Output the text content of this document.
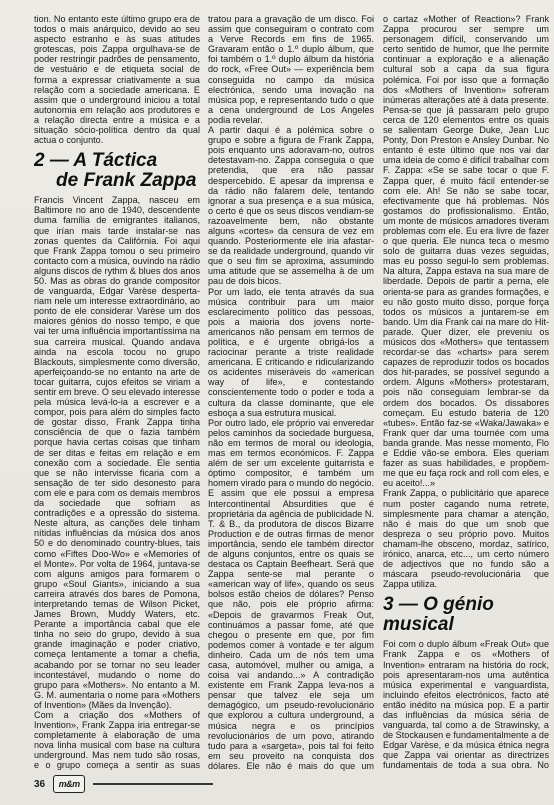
tion. No entanto este último grupo era de todos o mais anárquico, devido ao seu aspecto estranho e às suas atitudes grotescas, pois Zappa orgulhava-se de poder restringir padrões de pensamento, de vestuário e de etiqueta social de forma a expressar criativamente a sua relação com a sociedade americana. E assim que o underground iniciou a total autonomia em relação aos produtores e a relação directa entre a música e a situação sócio-política dentro da qual actua o conjunto.

2 — A Táctica
de Frank Zappa

Francis Vincent Zappa, nasceu em Baltimore no ano de 1940, descendente duma família de emigrantes italianos, que irían mais tarde instalar-se nas zonas quentes da Califórnia. Foi aqui que Frank Zappa tomou o seu primeiro contacto com a música, ouvindo na rádio alguns discos de rythm & blues dos anos 50. Mas as obras do grande compositor de vanguarda, Edgar Varèse despertariam nele um interesse extraordinário, ao ponto de ele considerar Varèse um dos maiores génios do nosso tempo, e que vai ter uma influência importantíssima na sua carreira musical. Quando andava ainda na escola tocou no grupo Blackouts, simplesmente como diversão, aperfeiçoando-se no entanto na arte de tocar guitarra, cujos efeitos se viriam a sentir em breve. O seu elevado interesse pela música levá-lo-ia a escrever e a compor, pois para além do simples facto de gostar disso, Frank Zappa tinha consciência de que o fazia também porque havia certas coisas que tinham de ser ditas e feitas em relação e em conexão com a sociedade. Ele sentia que se não intervisse ficaria com a sensação de ter sido desonesto para com ele e para com os demais membros da sociedade que sofriam as contradições e a opressão do sistema. Neste altura, as canções dele tinham nítidas influências da música dos anos 50 e do denominado country-blues, tais como «Fiftes Doo-Wo» e «Memories of el Monte». Por volta de 1964, juntava-se com alguns amigos para formarem o grupo «Soul Giants», iniciando a sua carreira através dos bares de Pomona, interpretando temas de Wilson Picket, James Brown, Muddy Waters, etc. Perante a importância cabal que ele tinha no seio do grupo, devido à sua grande imaginação e poder criativo, começa lentamente a tomar a chefia, acabando por se tornar no seu leader incontestável, mudando o nome do grupo para «Mothers». No entanto a M. G. M. aumentaria o nome para «Mothers of Invention» (Mães da Invenção).

Com a criação dos «Mothers of Invention», Frank Zappa iria entregar-se completamente à elaboração de uma nova linha musical com base na cultura underground. Mas nem tudo são rosas, e o grupo começa a sentir as suas

tratou para a gravação de um disco. Foi assim que conseguiram o contrato com a Verve Records em fins de 1965. Gravaram então o 1.º duplo álbum, que foi também o 1.º duplo álbum da história do rock, «Free Out» — experiência bem conseguida no campo da música electrónica, sendo uma inovação na música pop, e representando tudo o que a cena underground de Los Angeles podia revelar.

A partir daqui é a polémica sobre o grupo e sobre a figura de Frank Zappa, pois enquanto uns adoravam-no, outros detestavam-no. Zappa conseguia o que pretendia, que era não passar despercebido. E apesar da imprensa e da rádio não falarem dele, tentando ignorar a sua presença e a sua música, o certo é que os seus discos vendiam-se razoavelmente bem, não obstante alguns «cortes» da censura de vez em quando. Posteriormente ele iria afastar-se da realidade underground, quando vir que o seu fim se aproxima, assumindo uma atitude que se assemelha à de um pau de dois bicos.

Por um lado, ele tenta através da sua música contribuir para um maior esclarecimento político das pessoas, pois a maioria dos jovens norte-americanos não pensam em termos de política, e é urgente obrigá-los a raciocinar perante a triste realidade americana. E criticando e ridicularizando os acidentes miseráveis do «american way of life», e contestando conscientemente todo o poder e toda a cultura da classe dominante, que ele esboça a sua estrutura musical.

Por outro lado, ele próprio vai enveredar pelos caminhos da sociedade burguesa, não em termos de moral ou ideologia, mas em termos económicos. F. Zappa além de ser um excelente guitarrista e óptimo compositor, é também um homem virado para o mundo do negócio. E assim que ele possui a empresa Intercontinental Absurdities que é proprietária da agência de publicidade N. T. & B., da produtora de discos Bizarre Production e de outras firmas de menor importância, sendo ele também director de alguns conjuntos, entre os quais se destaca os Captain Beefheart. Será que Zappa sente-se mal perante o «american way of life», quando os seus bolsos estão cheios de dólares? Penso que não, pois ele próprio afirma: «Depois de gravarmos Freak Out, continuámos a passar fome, até que chegou o presente em que, por fim podemos comer à vontade e ter algum dinheiro. Cada um de nós tem uma casa, automóvel, mulher ou amiga, a coisa vai andando...» A contradição existente em Frank Zappa leva-nos a pensar que talvez ele seja um demagógico, um pseudo-revolucionário que explorou a cultura underground, a música negra e os princípios revolucionários de um povo, atirando tudo para a «sargeta», pois tal foi feito em seu proveito na conquista dos dólares. Ele não é mais do que um

o cartaz «Mother of Reaction»? Frank Zappa procurou ser sempre um personagem difícil, conservando um certo sentido de humor, que lhe permite continuar a exploração e a alienação cultural sob a capa da sua figura polémica. Foi por isso que a formação dos «Mothers of Invention» sofreram inúmeras alterações até à data presente. Pensa-se que já passaram pelo grupo cerca de 120 elementos entre os quais se salientam George Duke, Jean Luc Ponty, Don Preston e Ansley Dunbar. No entanto é este último que nos vai dar uma ideia de como é difícil trabalhar com F. Zappa: «Se se sabe tocar o que F. Zappa quer, é muito fácil entender-se com ele. Ah! Se não se sabe tocar, efectivamente que há problemas. Nós gostamos do profissionalismo. Então, um monte de músicos amadores tiveram problemas com ele. Eu era livre de fazer o que queria. Ele nunca teca o mesmo solo de guitarra duas vezes seguidas, mas eu posso segui-lo sem problemas. Na altura, Zappa estava na sua mare de liberdade. Depois de partir a perna, ele orienta-se para as grandes formações, e eu não gosto muito disso, porque força todos os músicos a juntarem-se em bando. Um dia Frank cai na mare do Hit-parade. Quer dizer, ele preveniu os músicos dos «Mothers» que tentassem recordar-se das «charts» para serem capazes de reproduzir todos os bocados dos hit-parades, se possível segundo a ordem. Alguns «Mothers» protestaram, pois não conseguiam lembrar-se da ordem dos bocados. Os dissabores começam. Eu estudo bateria de 120 «tubes». Então faz-se «Waka/Jawaka» e Frank quer dar uma tournée com uma banda grande. Mas nesse momento, Flo e Eddie vão-se embora. Eles queriam fazer as suas habilidades, e propõem-me que eu faça rock and roll com eles, e eu aceito!...»

Frank Zappa, o publicitário que aparece num poster cagando numa retrete, simplesmente para chamar a atenção, não é mais do que um snob que despreza o seu próprio povo. Muitos chamam-lhe obsceno, mordaz, satírico, irónico, anarca, etc..., um certo número de adjectivos que no fundo são a máscara pseudo-revolucionária que Zappa utiliza.

3 — O génio musical

Foi com o duplo álbum «Freak Out» que Frank Zappa e os «Mothers of Invention» entraram na história do rock, pois apresentaram-nos uma autêntica música experimental e vanguardista, incluindo efeitos electrónicos, facto até então inédito na música pop. E a partir das influências da música séria de vanguarda, tal como a de Strawinsky, a de Stockausen e fundamentalmente a de Edgar Varèse, e da música étnica negra que Zappa vai orientar as directrizes fundamentais de toda a sua obra. No

36	m&m
